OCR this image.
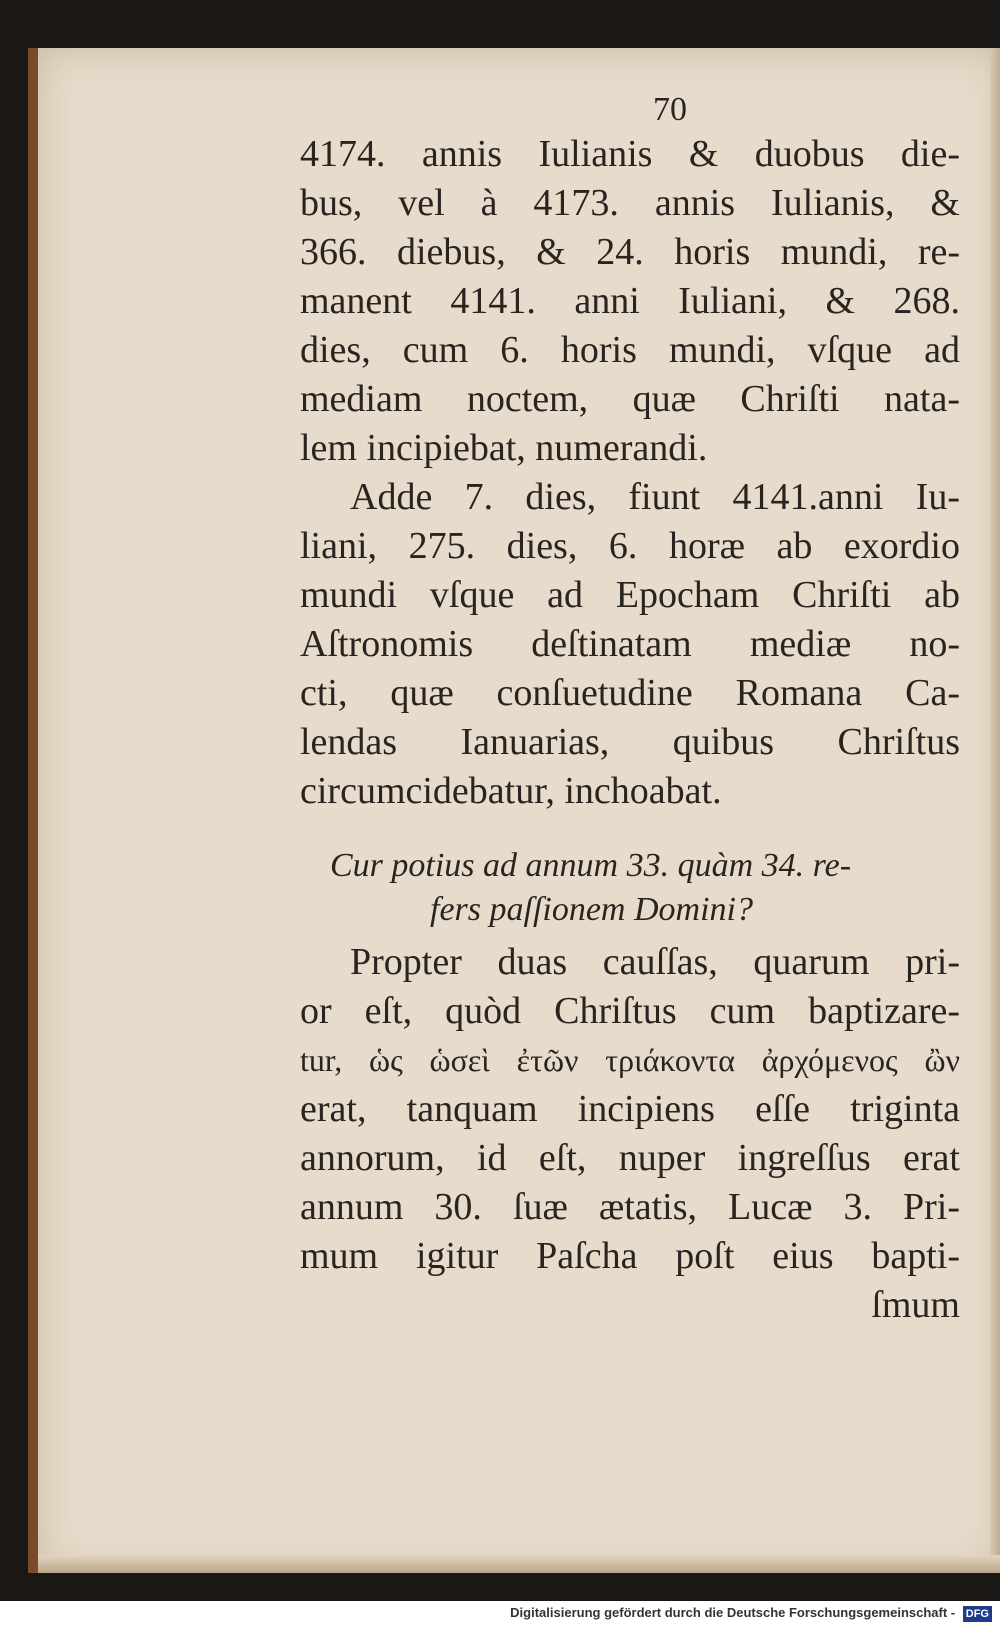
70
4174. annis Iulianis & duobus die-
bus, vel à 4173. annis Iulianis, &
366. diebus, & 24. horis mundi, re-
manent 4141. anni Iuliani, & 268.
dies, cum 6. horis mundi, vſque ad
mediam noctem, quæ Chriſti nata-
lem incipiebat, numerandi.
Adde 7. dies, fiunt 4141.anni Iu-
liani, 275. dies, 6. horæ ab exordio
mundi vſque ad Epocham Chriſti ab
Aſtronomis deſtinatam mediæ no-
cti, quæ conſuetudine Romana Ca-
lendas Ianuarias, quibus Chriſtus
circumcidebatur, inchoabat.
Cur potius ad annum 33. quàm 34. re-
fers paſſionem Domini?
Propter duas cauſſas, quarum pri-
or eſt, quòd Chriſtus cum baptizare-
tur, ὡς ὡσεὶ ἐτῶν τριάκοντα ἀρχόμενος ὢν
erat, tanquam incipiens eſſe triginta
annorum, id eſt, nuper ingreſſus erat
annum 30. ſuæ ætatis, Lucæ 3. Pri-
mum igitur Paſcha poſt eius bapti-
ſmum
Digitalisierung gefördert durch die Deutsche Forschungsgemeinschaft - DFG
